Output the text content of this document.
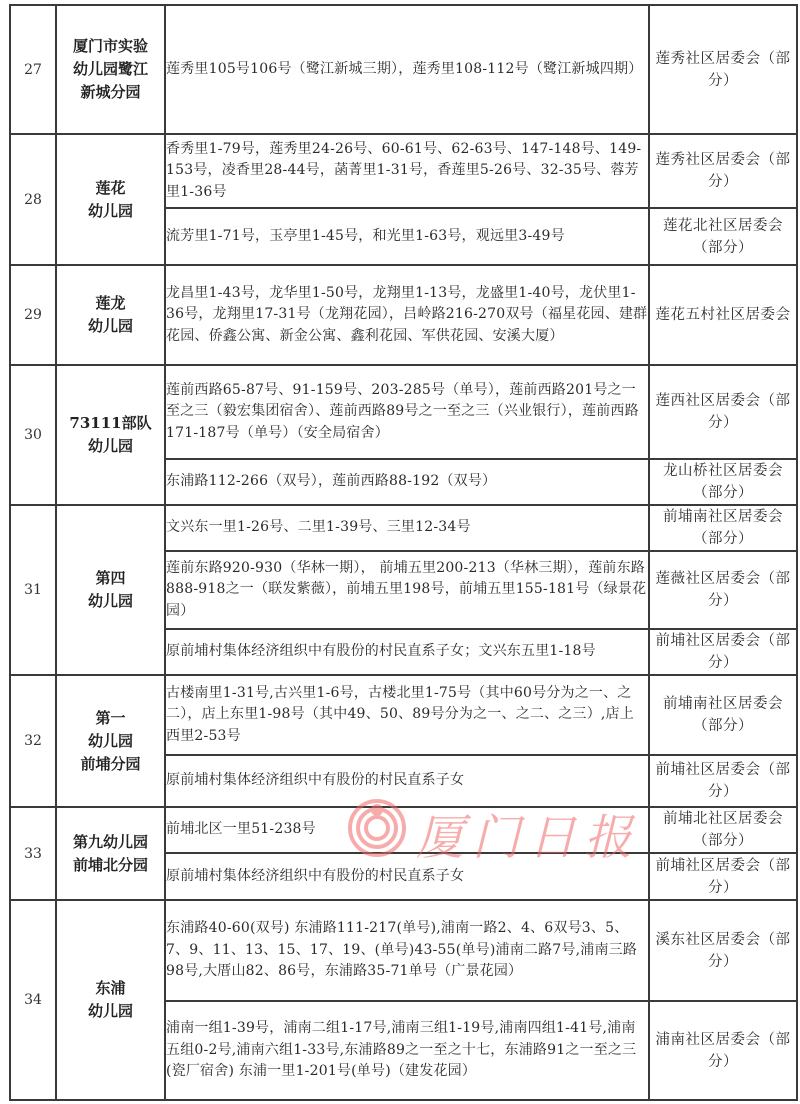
27	厦门市实验
幼儿园鹭江
新城分园	莲秀里105号106号（鹭江新城三期），莲秀里108-112号（鹭江新城四期）	莲秀社区居委会（部分）
28	莲花
幼儿园	香秀里1-79号，莲秀里24-26号、60-61号、62-63号、147-148号、149-153号，凌香里28-44号，菡菁里1-31号，香莲里5-26号、32-35号、蓉芳里1-36号	莲秀社区居委会（部分）
		流芳里1-71号，玉亭里1-45号，和光里1-63号，观远里3-49号	莲花北社区居委会（部分）
29	莲龙
幼儿园	龙昌里1-43号，龙华里1-50号，龙翔里1-13号，龙盛里1-40号，龙伏里1-36号，龙翔里17-31号（龙翔花园），吕岭路216-270双号（福星花园、建群花园、侨鑫公寓、新金公寓、鑫利花园、军供花园、安溪大厦）	莲花五村社区居委会
30	73111部队
幼儿园	莲前西路65-87号、91-159号、203-285号（单号），莲前西路201号之一至之三（毅宏集团宿舍）、莲前西路89号之一至之三（兴业银行），莲前西路171-187号（单号）（安全局宿舍）	莲西社区居委会（部分）
		东浦路112-266（双号），莲前西路88-192（双号）	龙山桥社区居委会（部分）
31	第四
幼儿园	文兴东一里1-26号、二里1-39号、三里12-34号	前埔南社区居委会（部分）
		莲前东路920-930（华林一期）， 前埔五里200-213（华林三期），莲前东路888-918之一（联发紫薇），前埔五里198号，前埔五里155-181号（绿景花园）	莲薇社区居委会（部分）
		原前埔村集体经济组织中有股份的村民直系子女；文兴东五里1-18号	前埔社区居委会（部分）
32	第一
幼儿园
前埔分园	古楼南里1-31号,古兴里1-6号，古楼北里1-75号（其中60号分为之一、之二），店上东里1-98号（其中49、50、89号分为之一、之二、之三）,店上西里2-53号	前埔南社区居委会（部分）
		原前埔村集体经济组织中有股份的村民直系子女	前埔社区居委会（部分）
33	第九幼儿园
前埔北分园	前埔北区一里51-238号	前埔北社区居委会（部分）
		原前埔村集体经济组织中有股份的村民直系子女	前埔社区居委会（部分）
34	东浦
幼儿园	东浦路40-60(双号) 东浦路111-217(单号),浦南一路2、4、6双号3、5、7、9、11、13、15、17、19、(单号)43-55(单号)浦南二路7号,浦南三路98号,大厝山82、86号，东浦路35-71单号（广景花园）	溪东社区居委会（部分）
		浦南一组1-39号，浦南二组1-17号,浦南三组1-19号,浦南四组1-41号,浦南五组0-2号,浦南六组1-33号,东浦路89之一至之十七，东浦路91之一至之三(瓷厂宿舍) 东浦一里1-201号(单号)（建发花园）	浦南社区居委会（部分）
厦门日报
